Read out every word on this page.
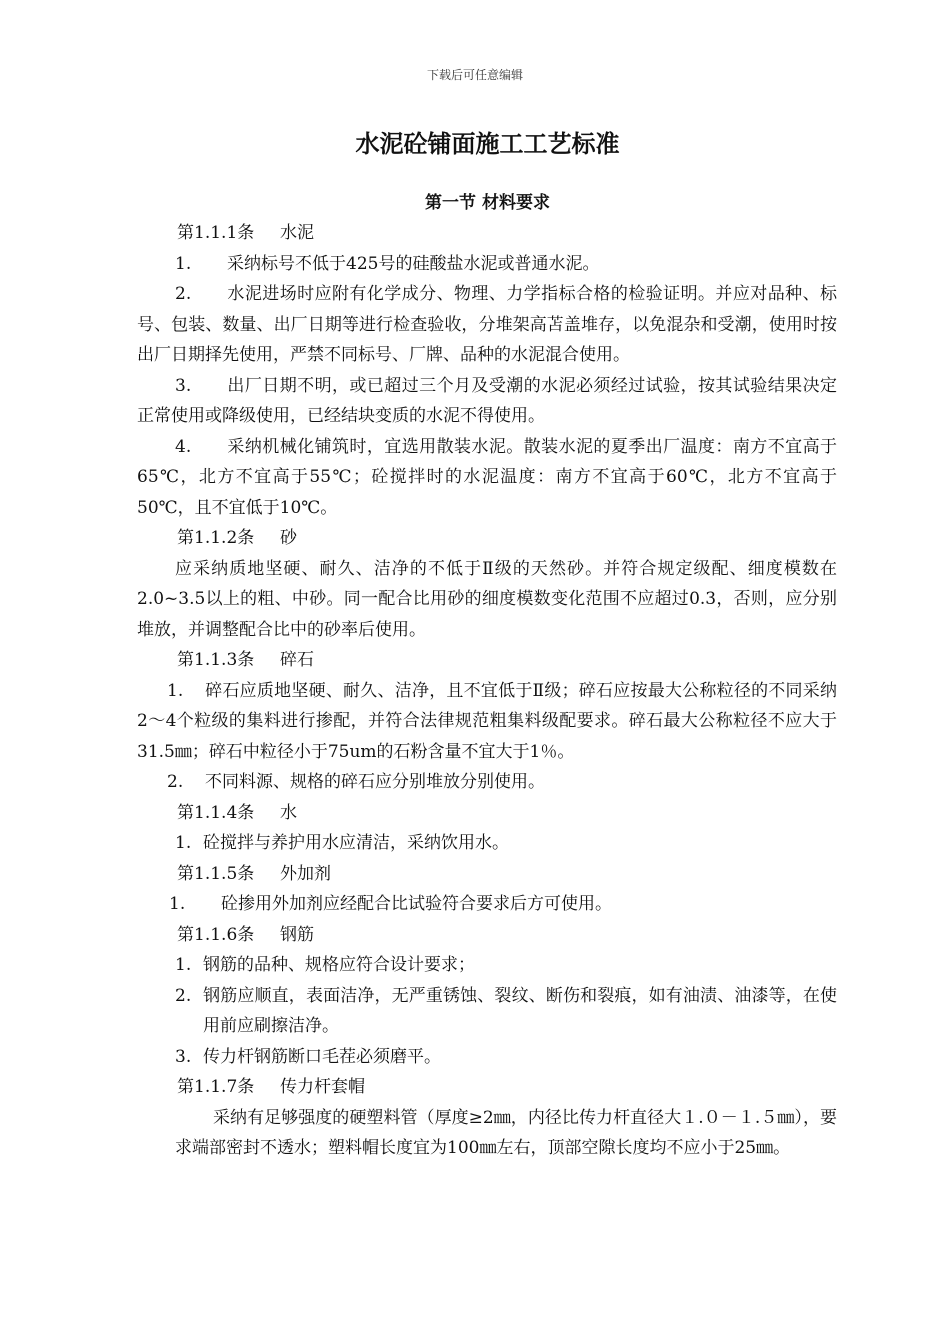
下载后可任意编辑
水泥砼铺面施工工艺标准
第一节 材料要求

第1.1.1条 水泥

1. 采纳标号不低于425号的硅酸盐水泥或普通水泥。

2. 水泥进场时应附有化学成分、物理、力学指标合格的检验证明。并应对品种、标号、包装、数量、出厂日期等进行检查验收，分堆架高苫盖堆存，以免混杂和受潮，使用时按出厂日期择先使用，严禁不同标号、厂牌、品种的水泥混合使用。

3. 出厂日期不明，或已超过三个月及受潮的水泥必须经过试验，按其试验结果决定正常使用或降级使用，已经结块变质的水泥不得使用。

4. 采纳机械化铺筑时，宜选用散装水泥。散装水泥的夏季出厂温度：南方不宜高于65℃，北方不宜高于55℃；砼搅拌时的水泥温度：南方不宜高于60℃，北方不宜高于50℃，且不宜低于10℃。

第1.1.2条 砂

应采纳质地坚硬、耐久、洁净的不低于Ⅱ级的天然砂。并符合规定级配、细度模数在2.0~3.5以上的粗、中砂。同一配合比用砂的细度模数变化范围不应超过0.3，否则，应分别堆放，并调整配合比中的砂率后使用。

第1.1.3条 碎石

1. 碎石应质地坚硬、耐久、洁净，且不宜低于Ⅱ级；碎石应按最大公称粒径的不同采纳2～4个粒级的集料进行掺配，并符合法律规范粗集料级配要求。碎石最大公称粒径不应大于31.5㎜；碎石中粒径小于75um的石粉含量不宜大于1％。

2. 不同料源、规格的碎石应分别堆放分别使用。

第1.1.4条 水

1. 砼搅拌与养护用水应清洁，采纳饮用水。

第1.1.5条 外加剂

1. 砼掺用外加剂应经配合比试验符合要求后方可使用。

第1.1.6条 钢筋

1. 钢筋的品种、规格应符合设计要求；

2. 钢筋应顺直，表面洁净，无严重锈蚀、裂纹、断伤和裂痕，如有油渍、油漆等，在使用前应刷擦洁净。

3. 传力杆钢筋断口毛茬必须磨平。

第1.1.7条 传力杆套帽

采纳有足够强度的硬塑料管（厚度≥2㎜，内径比传力杆直径大１.０－１.５㎜），要求端部密封不透水；塑料帽长度宜为100㎜左右，顶部空隙长度均不应小于25㎜。
